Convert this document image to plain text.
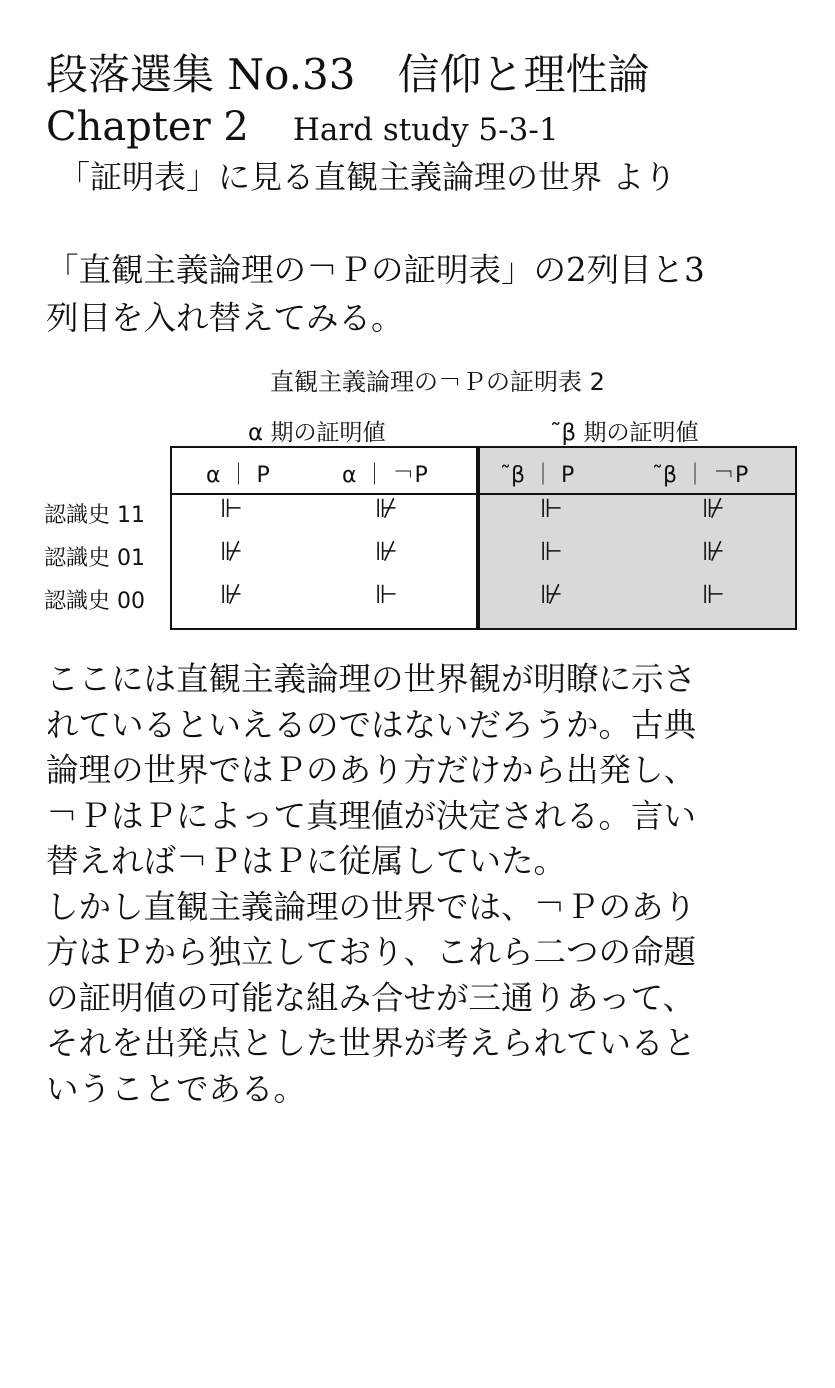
段落選集 No.33　信仰と理性論
Chapter 2 Hard study 5-3-1
「証明表」に見る直観主義論理の世界 より
「直観主義論理の￢Ｐの証明表」の2列目と3
列目を入れ替えてみる。
直観主義論理の￢Ｐの証明表 2
α 期の証明値	˜β 期の証明値
α ｜ P	α ｜ ￢P	˜β ｜ P	˜β ｜ ￢P
認識史 11	⊩	⊮	⊩	⊮
認識史 01	⊮	⊮	⊩	⊮
認識史 00	⊮	⊩	⊮	⊩
ここには直観主義論理の世界観が明瞭に示さ
れているといえるのではないだろうか。古典
論理の世界ではＰのあり方だけから出発し、
￢ＰはＰによって真理値が決定される。言い
替えれば￢ＰはＰに従属していた。
しかし直観主義論理の世界では、￢Ｐのあり
方はＰから独立しており、これら二つの命題
の証明値の可能な組み合せが三通りあって、
それを出発点とした世界が考えられていると
いうことである。
